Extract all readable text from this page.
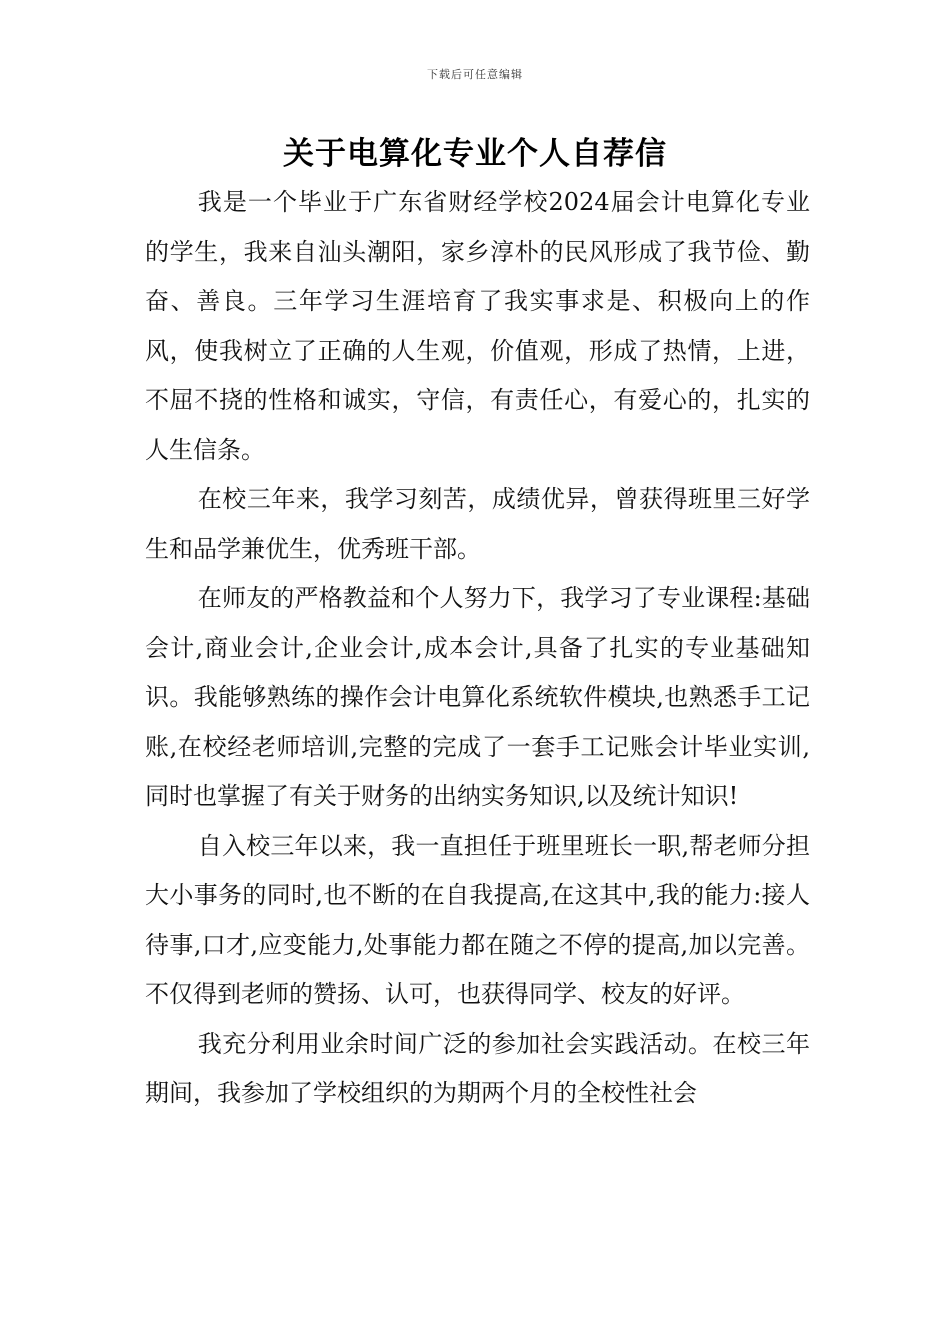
下载后可任意编辑
关于电算化专业个人自荐信

我是一个毕业于广东省财经学校2024届会计电算化专业的学生，我来自汕头潮阳，家乡淳朴的民风形成了我节俭、勤奋、善良。三年学习生涯培育了我实事求是、积极向上的作风，使我树立了正确的人生观，价值观，形成了热情，上进，不屈不挠的性格和诚实，守信，有责任心，有爱心的，扎实的人生信条。

在校三年来，我学习刻苦，成绩优异，曾获得班里三好学生和品学兼优生，优秀班干部。

在师友的严格教益和个人努力下，我学习了专业课程:基础会计,商业会计,企业会计,成本会计,具备了扎实的专业基础知识。我能够熟练的操作会计电算化系统软件模块,也熟悉手工记账,在校经老师培训,完整的完成了一套手工记账会计毕业实训,同时也掌握了有关于财务的出纳实务知识,以及统计知识!

自入校三年以来，我一直担任于班里班长一职,帮老师分担大小事务的同时,也不断的在自我提高,在这其中,我的能力:接人待事,口才,应变能力,处事能力都在随之不停的提高,加以完善。不仅得到老师的赞扬、认可，也获得同学、校友的好评。

我充分利用业余时间广泛的参加社会实践活动。在校三年期间，我参加了学校组织的为期两个月的全校性社会
